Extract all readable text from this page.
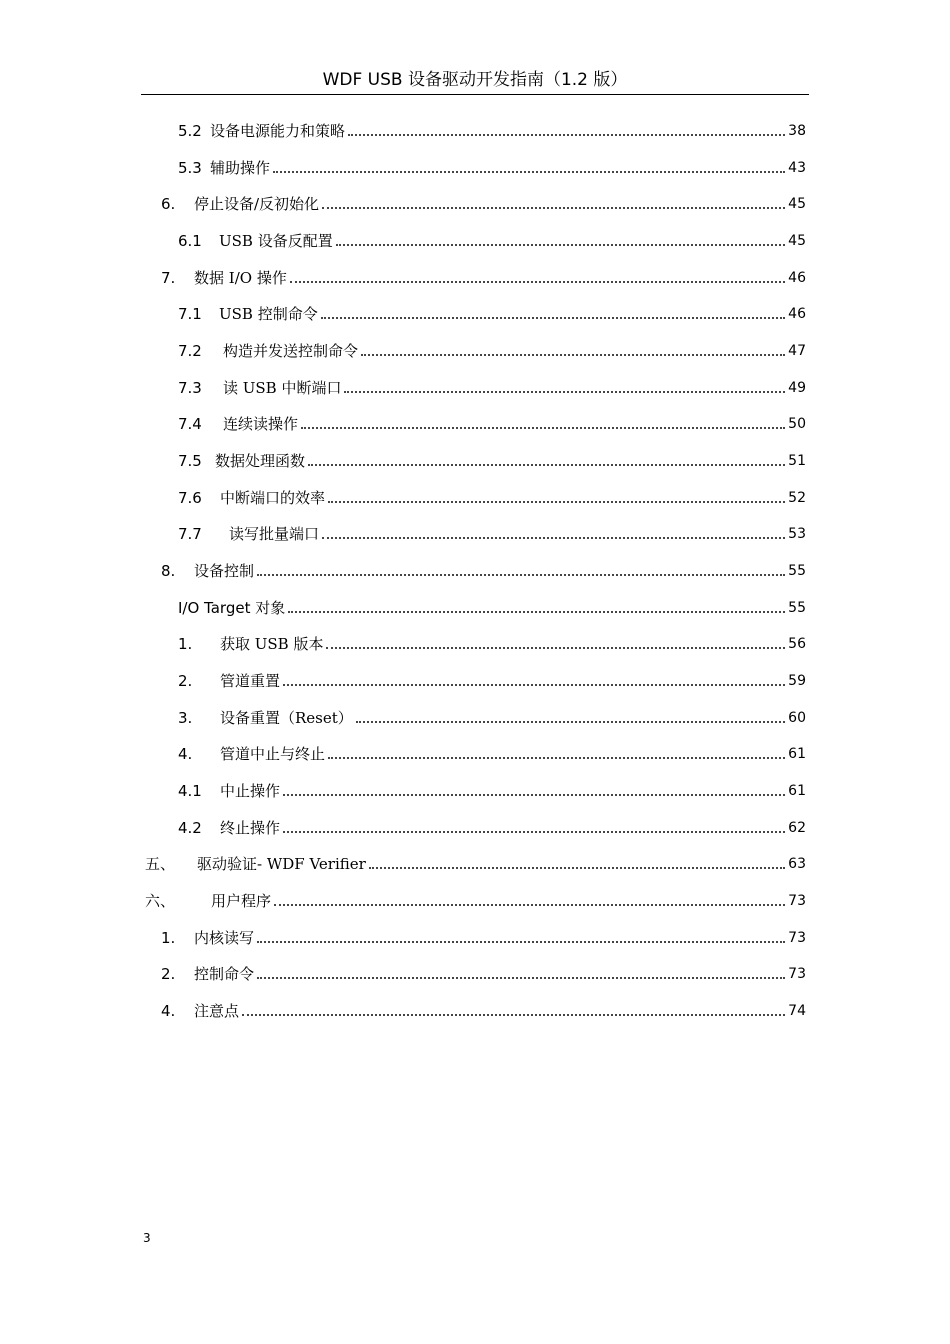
WDF USB 设备驱动开发指南（1.2 版）
5.2 设备电源能力和策略	38
5.3 辅助操作	43
6.	停止设备/反初始化	45
6.1	USB 设备反配置	45
7.	数据 I/O 操作	46
7.1	USB 控制命令	46
7.2	构造并发送控制命令	47
7.3	读 USB 中断端口	49
7.4	连续读操作	50
7.5 数据处理函数	51
7.6	中断端口的效率	52
7.7	读写批量端口	53
8.	设备控制	55
I/O Target 对象	55
1.	获取 USB 版本	56
2.	管道重置	59
3.	设备重置（Reset）	60
4.	管道中止与终止	61
4.1	中止操作	61
4.2	终止操作	62
五、	驱动验证- WDF Verifier	63
六、	用户程序	73
1.	内核读写	73
2.	控制命令	73
4.	注意点	74
3
